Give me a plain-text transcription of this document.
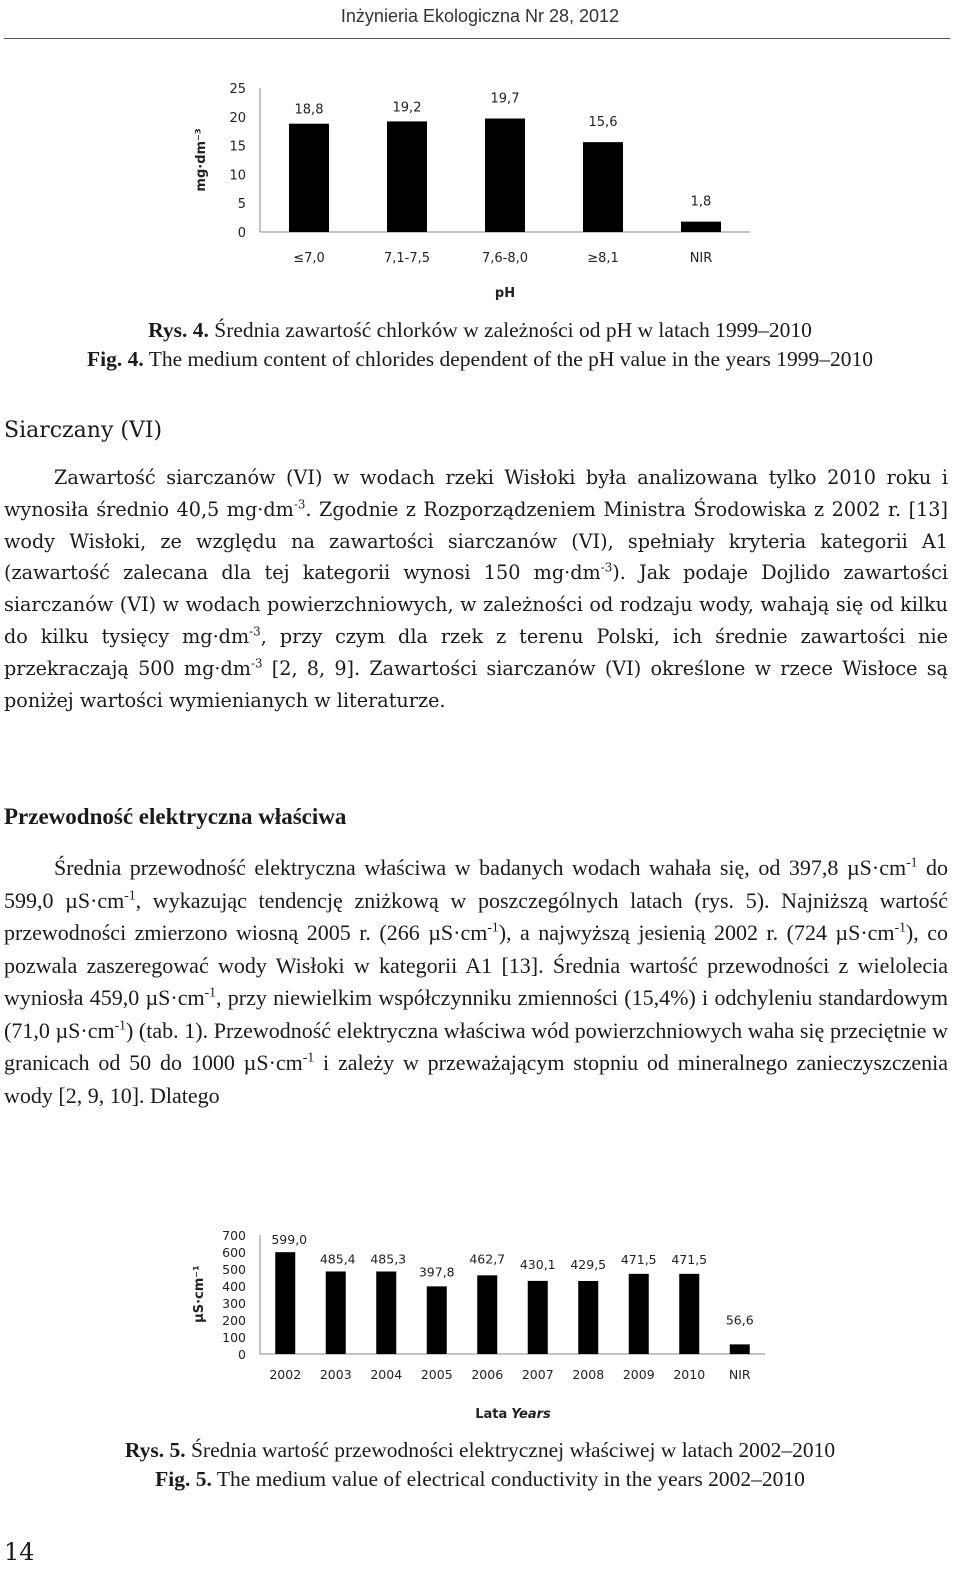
Inżynieria Ekologiczna Nr 28, 2012
mg·dm⁻³
pH
0
5
10
15
20
25
18,8
≤7,0
19,2
7,1-7,5
19,7
7,6-8,0
15,6
≥8,1
1,8
NIR
Rys. 4. Średnia zawartość chlorków w zależności od pH w latach 1999–2010
Fig. 4. The medium content of chlorides dependent of the pH value in the years 1999–2010
Siarczany (VI)

Zawartość siarczanów (VI) w wodach rzeki Wisłoki była analizowana tylko 2010 roku i wynosiła średnio 40,5 $mg\cdot dm^{-3}$. Zgodnie z Rozporządzeniem Ministra Środowiska z 2002 r. [13] wody Wisłoki, ze względu na zawartości siarczanów (VI), spełniały kryteria kategorii A1 (zawartość zalecana dla tej kategorii wynosi 150 $mg\cdot dm^{-3}$). Jak podaje Dojlido zawartości siarczanów (VI) w wodach powierzchniowych, w zależności od rodzaju wody, wahają się od kilku do kilku tysięcy $mg\cdot dm^{-3}$, przy czym dla rzek z terenu Polski, ich średnie zawartości nie przekraczają 500 $mg\cdot dm^{-3}$ [2, 8, 9]. Zawartości siarczanów (VI) określone w rzece Wisłoce są poniżej wartości wymienianych w literaturze.

Przewodność elektryczna właściwa

Średnia przewodność elektryczna właściwa w badanych wodach wahała się, od 397,8 $\mu S\cdot cm^{-1}$ do 599,0 $\mu S\cdot cm^{-1}$, wykazując tendencję zniżkową w poszczególnych latach (rys. 5). Najniższą wartość przewodności zmierzono wiosną 2005 r. (266 $\mu S\cdot cm^{-1}$), a najwyższą jesienią 2002 r. (724 $\mu S\cdot cm^{-1}$), co pozwala zaszeregować wody Wisłoki w kategorii A1 [13]. Średnia wartość przewodności z wielolecia wyniosła 459,0 $\mu S\cdot cm^{-1}$, przy niewielkim współczynniku zmienności (15,4%) i odchyleniu standardowym (71,0 $\mu S\cdot cm^{-1}$) (tab. 1). Przewodność elektryczna właściwa wód powierzchniowych waha się przeciętnie w granicach od 50 do 1000 $\mu S\cdot cm^{-1}$ i zależy w przeważającym stopniu od mineralnego zanieczyszczenia wody [2, 9, 10]. Dlatego

µS·cm⁻¹
Lata Years
0
100
200
300
400
500
600
700 599,0
2002
485,4
2003
485,3
2004
397,8
2005
462,7
2006
430,1
2007
429,5
2008
471,5
2009
471,5
2010
56,6
NIR
Rys. 5. Średnia wartość przewodności elektrycznej właściwej w latach 2002–2010
Fig. 5. The medium value of electrical conductivity in the years 2002–2010
14
